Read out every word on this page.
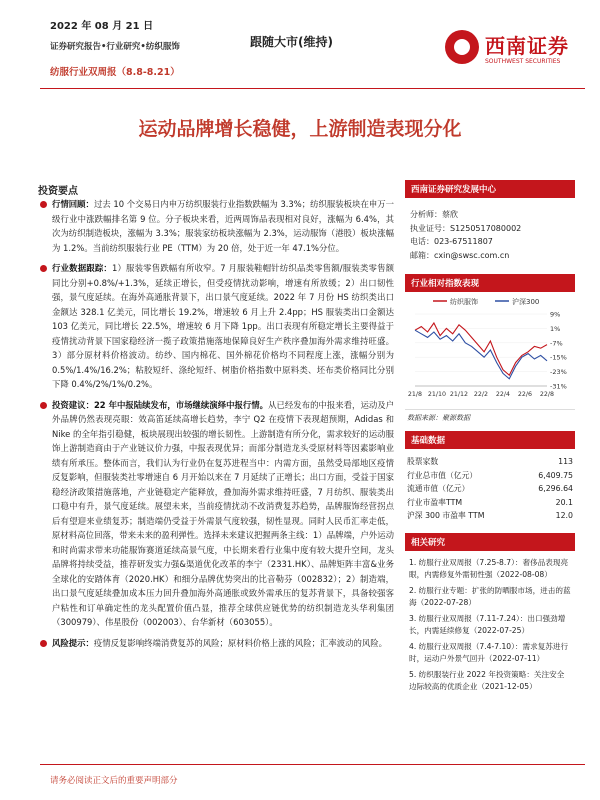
2022 年 08 月 21 日
证券研究报告•行业研究•纺织服饰
纺服行业双周报（8.8-8.21）
跟随大市(维持)	西南证券
SOUTHWEST SECURITIES
运动品牌增长稳健，上游制造表现分化
投资要点
行情回顾：过去 10 个交易日内申万纺织服装行业指数跌幅为 3.3%；纺织服装板块在申万一级行业中涨跌幅排名第 9 位。分子板块来看，近两周饰品表现相对良好，涨幅为 6.4%，其次为纺织制造板块，涨幅为 3.3%；服装家纺板块涨幅为 2.3%，运动服饰（港股）板块涨幅为 1.2%。当前纺织服装行业 PE（TTM）为 20 倍，处于近一年 47.1%分位。
行业数据跟踪：1）服装零售跌幅有所收窄。7 月服装鞋帽针纺织品类零售额/服装类零售额同比分别+0.8%/+1.3%，延续正增长，但受疫情扰动影响，增速有所放缓；2）出口韧性强，景气度延续。在海外高通胀背景下，出口景气度延续。2022 年 7 月份 HS 纺织类出口金额达 328.1 亿美元，同比增长 19.2%，增速较 6 月上升 2.4pp；HS 服装类出口金额达 103 亿美元，同比增长 22.5%，增速较 6 月下降 1pp。出口表现有所稳定增长主要得益于疫情扰动背景下国家稳经济一揽子政策措施落地保障良好生产秩序叠加海外需求维持旺盛。3）部分原材料价格波动。纺纱、国内棉花、国外棉花价格均不同程度上涨，涨幅分别为 0.5%/1.4%/16.2%；粘胶短纤、涤纶短纤、树脂价格指数中原料类、坯布类价格同比分别下降 0.4%/2%/1%/0.2%。
投资建议：22 年中报陆续发布，市场继续演绎中报行情。从已经发布的中报来看，运动及户外品牌仍然表现亮眼：效高笛延续高增长趋势，李宁 Q2 在疫情下表现超预期，Adidas 和 Nike 的全年指引稳健，板块展现出较强的增长韧性。上游制造有所分化，需求较好的运动服饰上游制造商由于产业链议价力强，中报表现优异；而部分制造龙头受原材料等因素影响业绩有所承压。整体而言，我们认为行业仍在复苏进程当中：内需方面，虽然受局部地区疫情反复影响，但服装类社零增速自 6 月开始以来在 7 月延续了正增长；出口方面，受益于国家稳经济政策措施落地，产业链稳定产能释放，叠加海外需求维持旺盛，7 月纺织、服装类出口稳中有升，景气度延续。展望未来，当前疫情扰动不改消费复苏趋势，品牌服饰经营拐点后有望迎来业绩复苏；制造端仍受益于外需景气度较强，韧性显现。同时人民币汇率走低，原材料高位回落，带来未来的盈利弹性。选择未来建议把握两条主线：1）品牌端，户外运动和时尚需求带来功能服饰赛道延续高景气度，中长期来看行业集中度有较大提升空间，龙头品牌将持续受益，推荐研发实力强&渠道优化改革的李宁（2331.HK）、品牌矩阵丰富&业务全球化的安踏体育（2020.HK）和细分品牌优势突出的比音勒芬（002832）；2）制造端，出口景气度延续叠加成本压力回升叠加海外高通胀或致外需承压的复苏背景下，具备较强客户粘性和订单确定性的龙头配置价值凸显，推荐全球供应链优势的纺织制造龙头华利集团（300979）、伟星股份（002003）、台华新材（603055）。
风险提示：疫情反复影响终端消费复苏的风险；原材料价格上涨的风险；汇率波动的风险。
西南证券研究发展中心
分析师：蔡欣
执业证号：S1250517080002
电话：023-67511807
邮箱：cxin@swsc.com.cn
行业相对指数表现
纺织服饰	沪深300
9%
1%
-7%
-15%
-23%
-31%
21/8 21/10 21/12 22/2 22/4 22/6 22/8
数据来源：聚源数据
基础数据
股票家数	113
行业总市值（亿元）	6,409.75
流通市值（亿元）	6,296.64
行业市盈率TTM	20.1
沪深 300 市盈率 TTM	12.0
相关研究
1. 纺服行业双周报（7.25-8.7）：奢侈品表现亮眼，内需修复外需韧性强（2022-08-08）
2. 纺服行业专题：扩张的防晒服市场，迸击的蓝海（2022-07-28）
3. 纺服行业双周报（7.11-7.24）：出口强劲增长，内需延续修复（2022-07-25）
4. 纺服行业双周报（7.4-7.10）：需求复苏进行时，运动户外景气回升（2022-07-11）
5. 纺织服装行业 2022 年投资策略：关注安全边际较高的优质企业（2021-12-05）
请务必阅读正文后的重要声明部分
